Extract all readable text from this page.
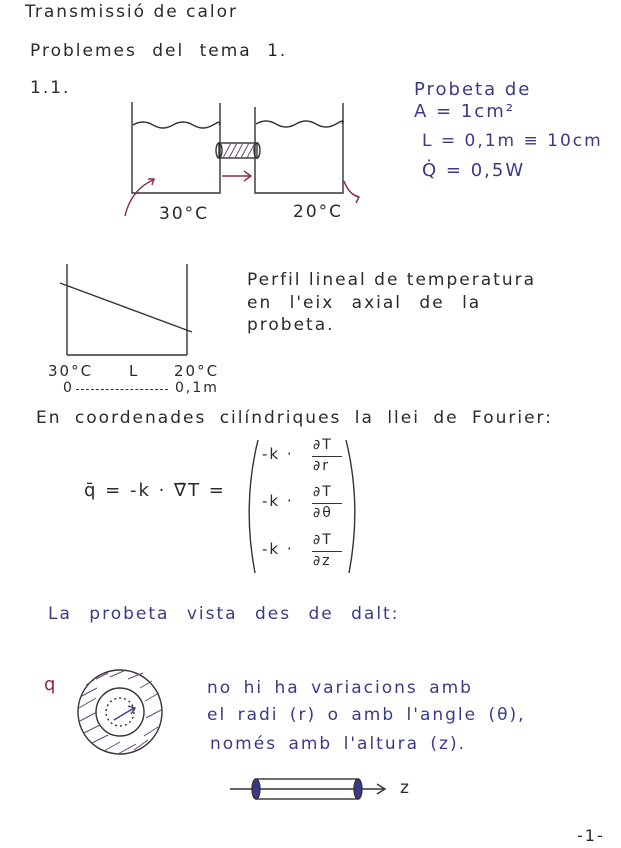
Transmissió de calor
Problemes del tema 1.
1.1.	Probeta de
A = 1cm²
L = 0,1m ≡ 10cm
Q̇ = 0,5W
30°C	20°C
Perfil lineal de temperatura
en l'eix axial de la
probeta.
30°C L 20°C
0	0,1m
En coordenades cilíndriques la llei de Fourier:
q̄ = -k · ∇̄T =
-k · ∂T
∂r
-k · ∂T
∂θ
-k · ∂T
∂z
La probeta vista des de dalt:
q	no hi ha variacions amb
el radi (r) o amb l'angle (θ),
només amb l'altura (z).
z
-1-
